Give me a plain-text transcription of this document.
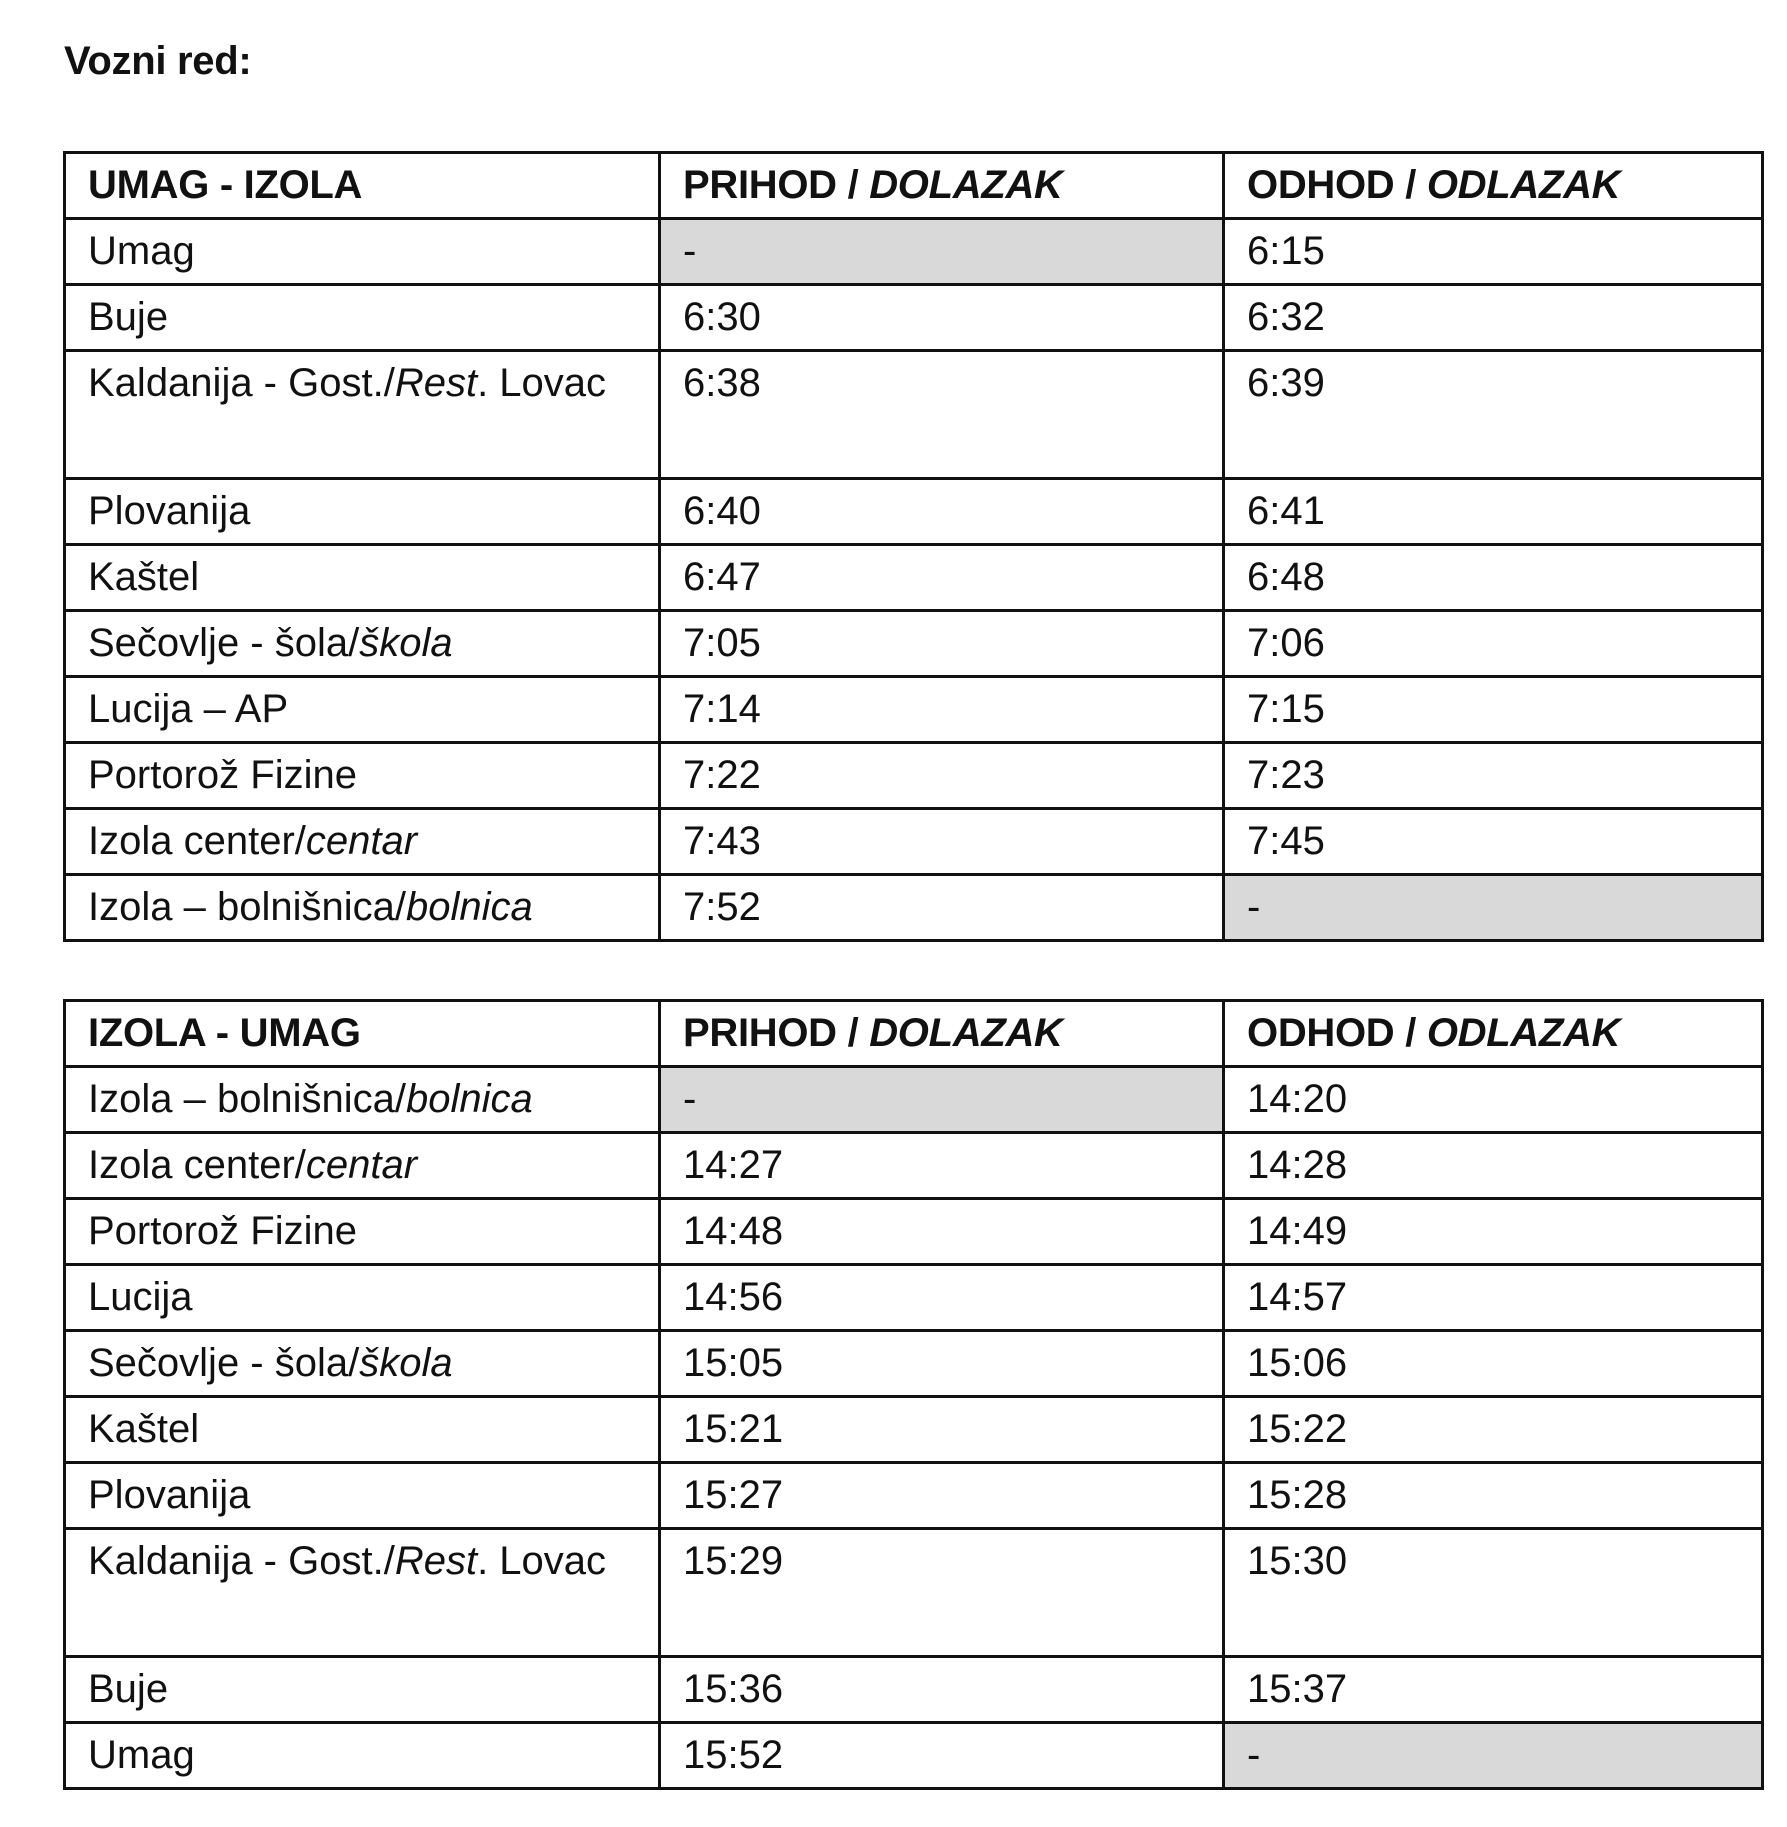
Vozni red:
UMAG - IZOLA	PRIHOD / DOLAZAK	ODHOD / ODLAZAK
Umag	-	6:15
Buje	6:30	6:32
Kaldanija - Gost./Rest. Lovac	6:38	6:39
Plovanija	6:40	6:41
Kaštel	6:47	6:48
Sečovlje - šola/škola	7:05	7:06
Lucija – AP	7:14	7:15
Portorož Fizine	7:22	7:23
Izola center/centar	7:43	7:45
Izola – bolnišnica/bolnica	7:52	-
IZOLA - UMAG	PRIHOD / DOLAZAK	ODHOD / ODLAZAK
Izola – bolnišnica/bolnica	-	14:20
Izola center/centar	14:27	14:28
Portorož Fizine	14:48	14:49
Lucija	14:56	14:57
Sečovlje - šola/škola	15:05	15:06
Kaštel	15:21	15:22
Plovanija	15:27	15:28
Kaldanija - Gost./Rest. Lovac	15:29	15:30
Buje	15:36	15:37
Umag	15:52	-
